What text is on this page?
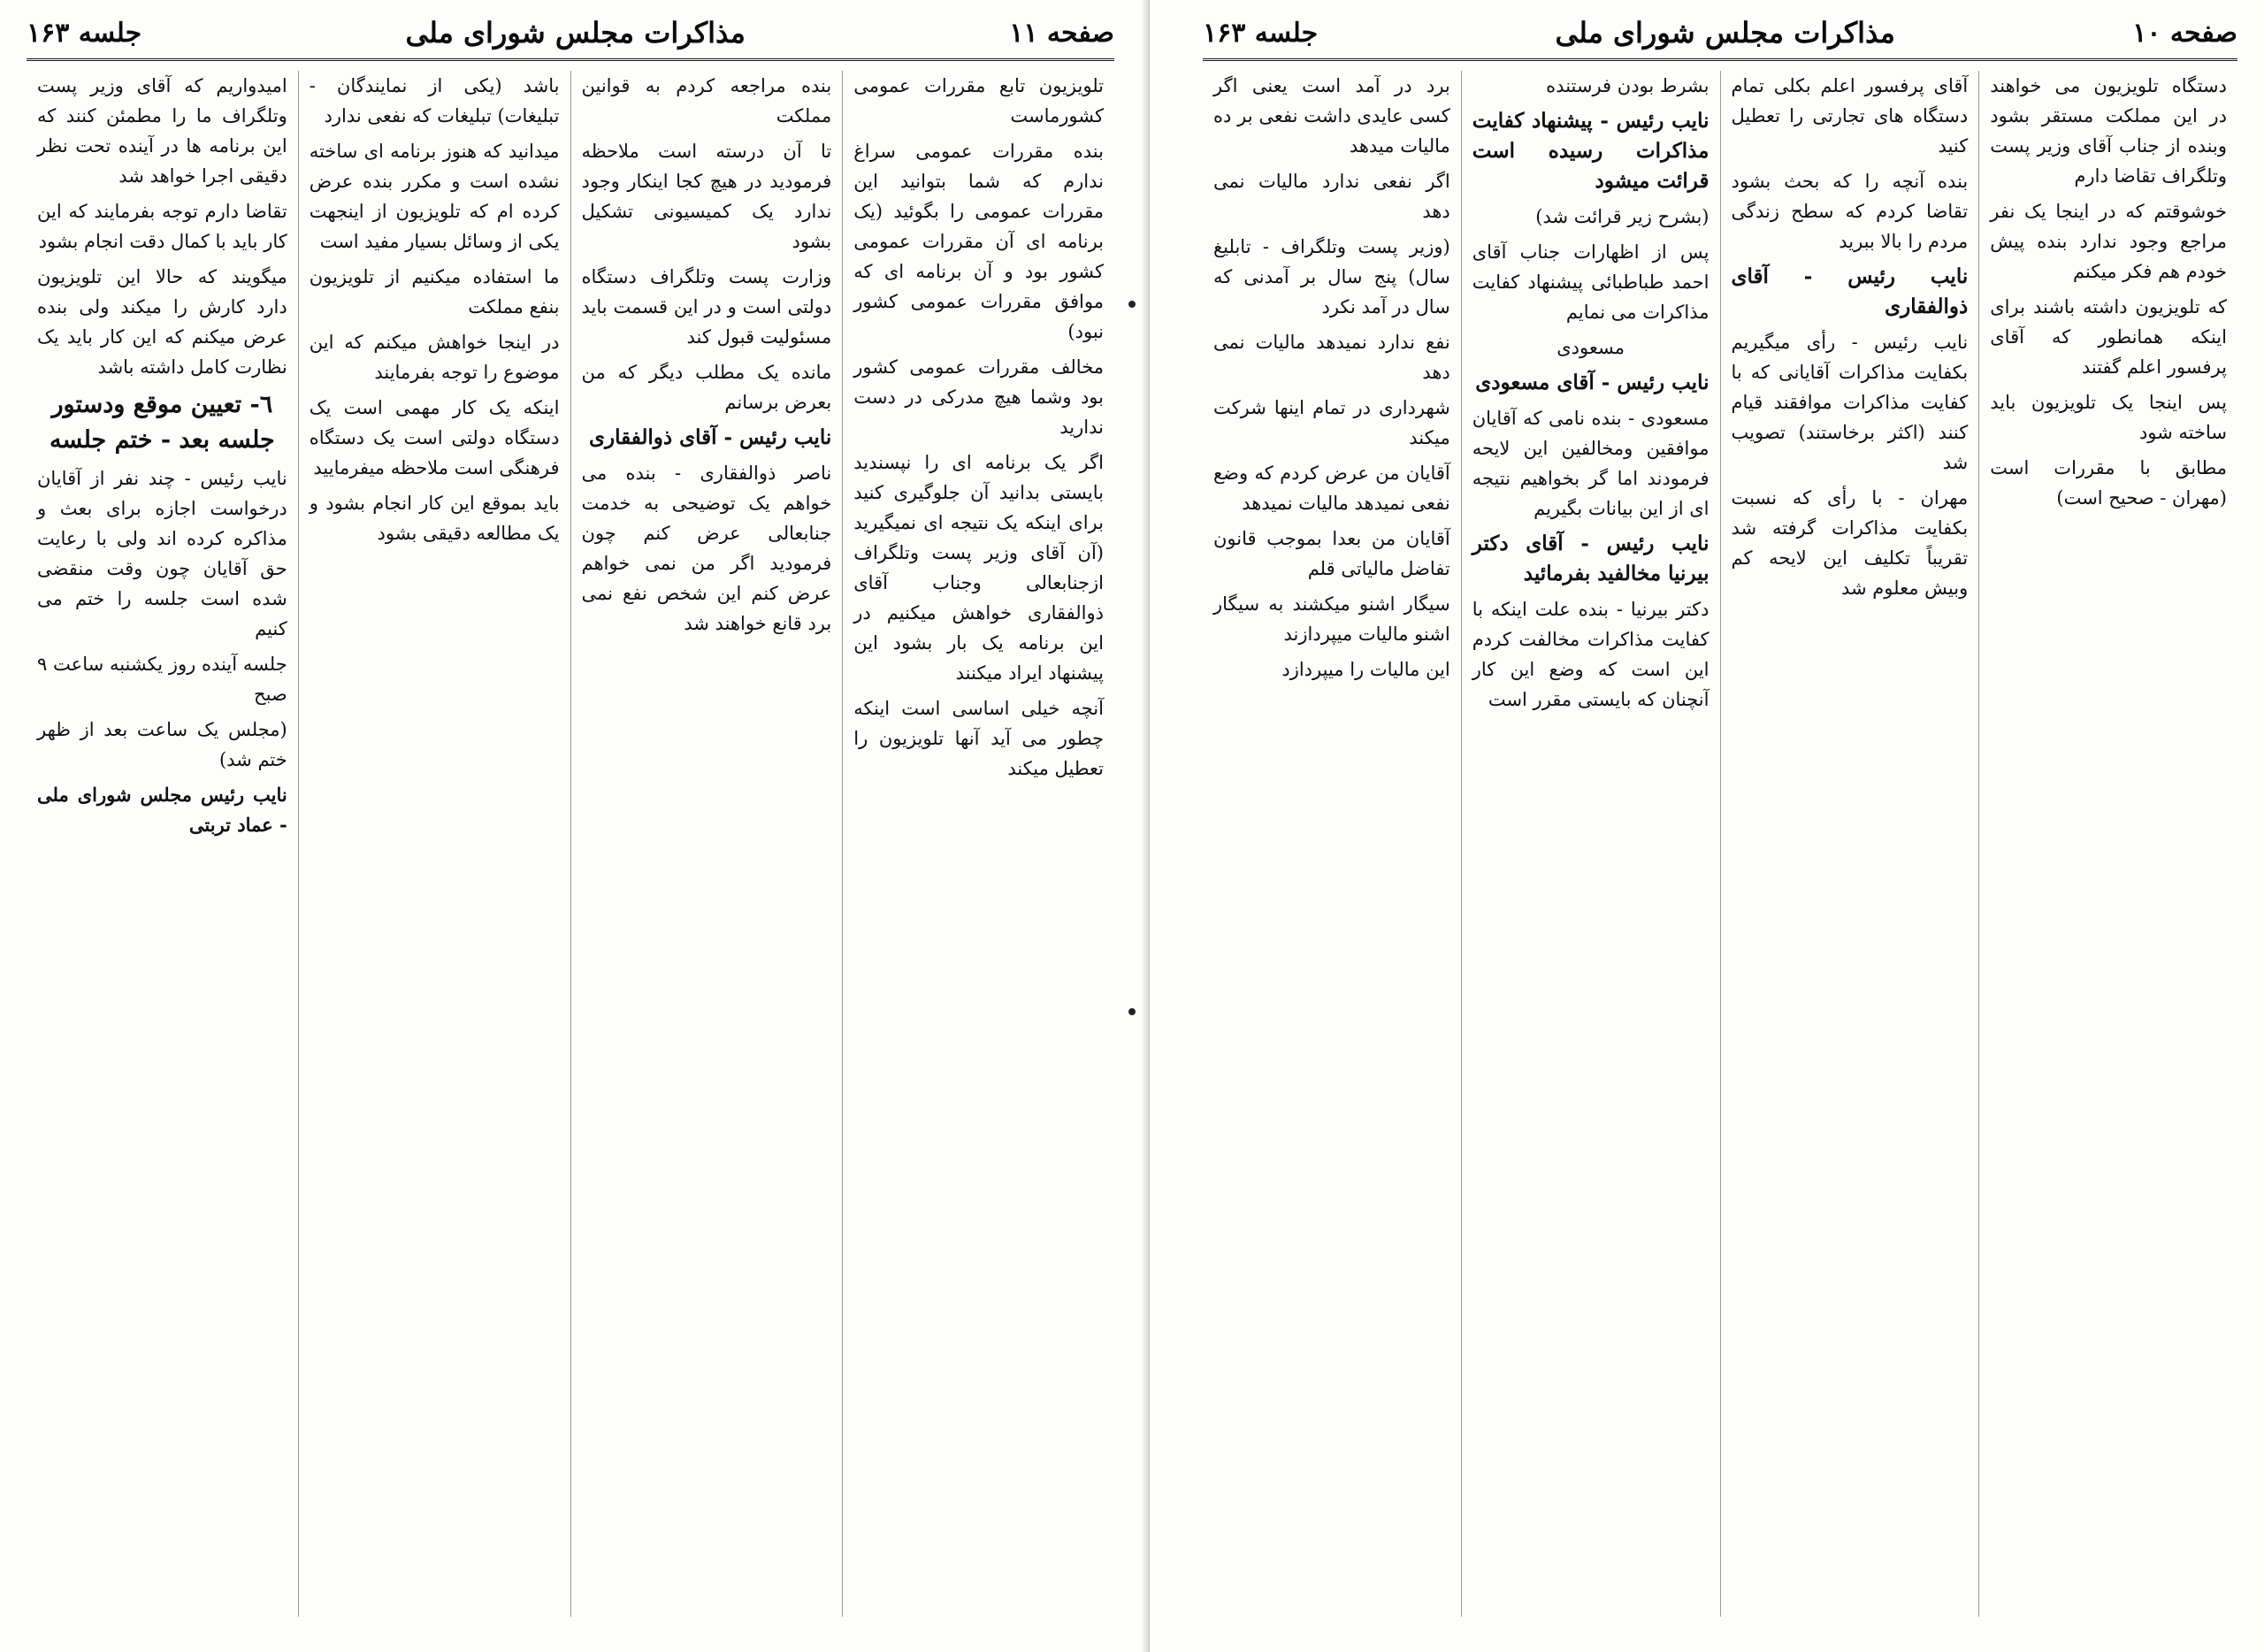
صفحه ۱۱
مذاکرات مجلس شورای ملی
جلسه ۱۶۳

تلویزیون تابع مقررات عمومی کشورماست

بنده مقررات عمومی سراغ ندارم که شما بتوانید این مقررات عمومی را بگوئید (یک برنامه ای آن مقررات عمومی کشور بود و آن برنامه ای که موافق مقررات عمومی کشور نبود)

مخالف مقررات عمومی کشور بود وشما هیچ مدرکی در دست ندارید

اگر یک برنامه ای را نپسندید بایستی بدانید آن جلوگیری کنید برای اینکه یک نتیجه ای نمیگیرید (آن آقای وزیر پست وتلگراف ازجنابعالی وجناب آقای ذوالفقاری خواهش میکنیم در این برنامه یک بار بشود این پیشنهاد ایراد میکنند

آنچه خیلی اساسی است اینکه چطور می آید آنها تلویزیون را تعطیل میکند

بنده مراجعه کردم به قوانین مملکت

تا آن درسته است ملاحظه فرمودید در هیچ کجا اینکار وجود ندارد یک کمیسیونی تشکیل بشود

وزارت پست وتلگراف دستگاه دولتی است و در این قسمت باید مسئولیت قبول کند

مانده یک مطلب دیگر که من بعرض برسانم

نایب رئیس - آقای ذوالفقاری

ناصر ذوالفقاری - بنده می خواهم یک توضیحی به خدمت جنابعالی عرض کنم چون فرمودید اگر من نمی خواهم عرض کنم این شخص نفع نمی برد قانع خواهند شد

باشد (یکی از نمایندگان - تبلیغات) تبلیغات که نفعی ندارد

میدانید که هنوز برنامه ای ساخته نشده است و مکرر بنده عرض کرده ام که تلویزیون از اینجهت یکی از وسائل بسیار مفید است

ما استفاده میکنیم از تلویزیون بنفع مملکت

در اینجا خواهش میکنم که این موضوع را توجه بفرمایند

اینکه یک کار مهمی است یک دستگاه دولتی است یک دستگاه فرهنگی است ملاحظه میفرمایید

باید بموقع این کار انجام بشود و یک مطالعه دقیقی بشود

امیدواریم که آقای وزیر پست وتلگراف ما را مطمئن کنند که این برنامه ها در آینده تحت نظر دقیقی اجرا خواهد شد

تقاضا دارم توجه بفرمایند که این کار باید با کمال دقت انجام بشود

میگویند که حالا این تلویزیون دارد کارش را میکند ولی بنده عرض میکنم که این کار باید یک نظارت کامل داشته باشد

٦- تعیین موقع ودستور جلسه بعد - ختم جلسه

نایب رئیس - چند نفر از آقایان درخواست اجازه برای بعث و مذاکره کرده اند ولی با رعایت حق آقایان چون وقت منقضی شده است جلسه را ختم می کنیم

جلسه آینده روز یکشنبه ساعت ۹ صبح

(مجلس یک ساعت بعد از ظهر ختم شد)

نایب رئیس مجلس شورای ملی - عماد تربتی

صفحه ۱۰
مذاکرات مجلس شورای ملی
جلسه ۱۶۳

دستگاه تلویزیون می خواهند در این مملکت مستقر بشود وبنده از جناب آقای وزیر پست وتلگراف تقاضا دارم

خوشوقتم که در اینجا یک نفر مراجع وجود ندارد بنده پیش خودم هم فکر میکنم

که تلویزیون داشته باشند برای اینکه همانطور که آقای پرفسور اعلم گفتند

پس اینجا یک تلویزیون باید ساخته شود

مطابق با مقررات است (مهران - صحیح است)

آقای پرفسور اعلم بکلی تمام دستگاه های تجارتی را تعطیل کنید

بنده آنچه را که بحث بشود تقاضا کردم که سطح زندگی مردم را بالا ببرید

نایب رئیس - آقای ذوالفقاری

نایب رئیس - رأی میگیریم بکفایت مذاکرات آقایانی که با کفایت مذاکرات موافقند قیام کنند (اکثر برخاستند) تصویب شد

مهران - با رأی که نسبت بکفایت مذاکرات گرفته شد تقریباً تکلیف این لایحه کم وبیش معلوم شد

بشرط بودن فرستنده

نایب رئیس - پیشنهاد کفایت مذاکرات رسیده است قرائت میشود

(بشرح زیر قرائت شد)

پس از اظهارات جناب آقای احمد طباطبائی پیشنهاد کفایت مذاکرات می نمایم

مسعودی

نایب رئیس - آقای مسعودی

مسعودی - بنده نامی که آقایان موافقین ومخالفین این لایحه فرمودند اما گر بخواهیم نتیجه ای از این بیانات بگیریم

نایب رئیس - آقای دکتر بیرنیا مخالفید بفرمائید

دکتر بیرنیا - بنده علت اینکه با کفایت مذاکرات مخالفت کردم این است که وضع این کار آنچنان که بایستی مقرر است

برد در آمد است یعنی اگر کسی عایدی داشت نفعی بر ده مالیات میدهد

اگر نفعی ندارد مالیات نمی دهد

(وزیر پست وتلگراف - تابلیغ سال) پنج سال بر آمدنی که سال در آمد نکرد

نفع ندارد نمیدهد مالیات نمی دهد

شهرداری در تمام اینها شرکت میکند

آقایان من عرض کردم که وضع نفعی نمیدهد مالیات نمیدهد

آقایان من بعدا بموجب قانون تفاضل مالیاتی قلم

سیگار اشنو میکشند به سیگار اشنو مالیات میپردازند

این مالیات را میپردازد
